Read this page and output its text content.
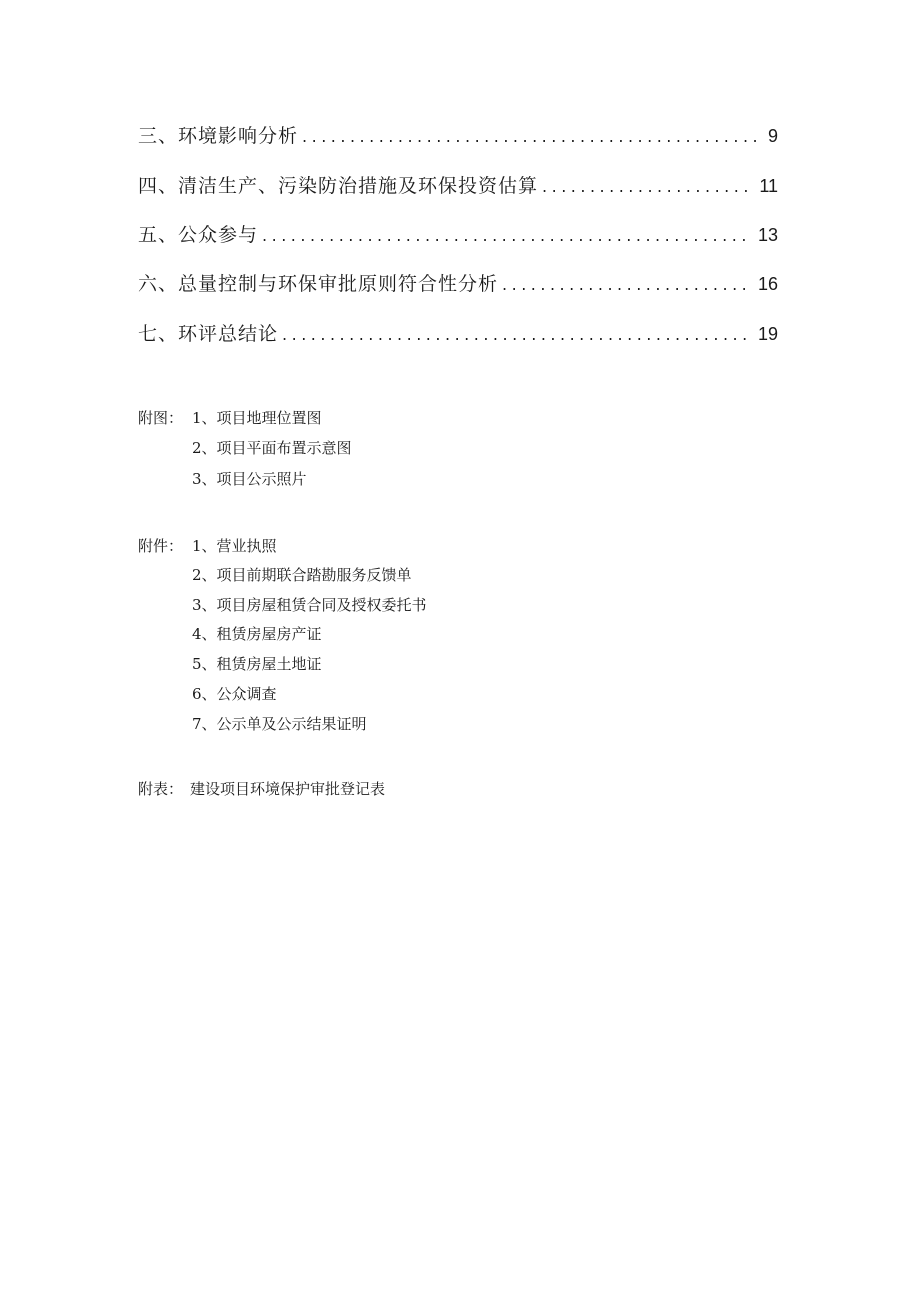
三、环境影响分析 .....	9
四、清洁生产、污染防治措施及环保投资估算 .....	11
五、公众参与 .....	13
六、总量控制与环保审批原则符合性分析 .....	16
七、环评总结论 .....	19
附图： 1、项目地理位置图
2、项目平面布置示意图
3、项目公示照片
附件： 1、营业执照
2、项目前期联合踏勘服务反馈单
3、项目房屋租赁合同及授权委托书
4、租赁房屋房产证
5、租赁房屋土地证
6、公众调查
7、公示单及公示结果证明
附表： 建设项目环境保护审批登记表
